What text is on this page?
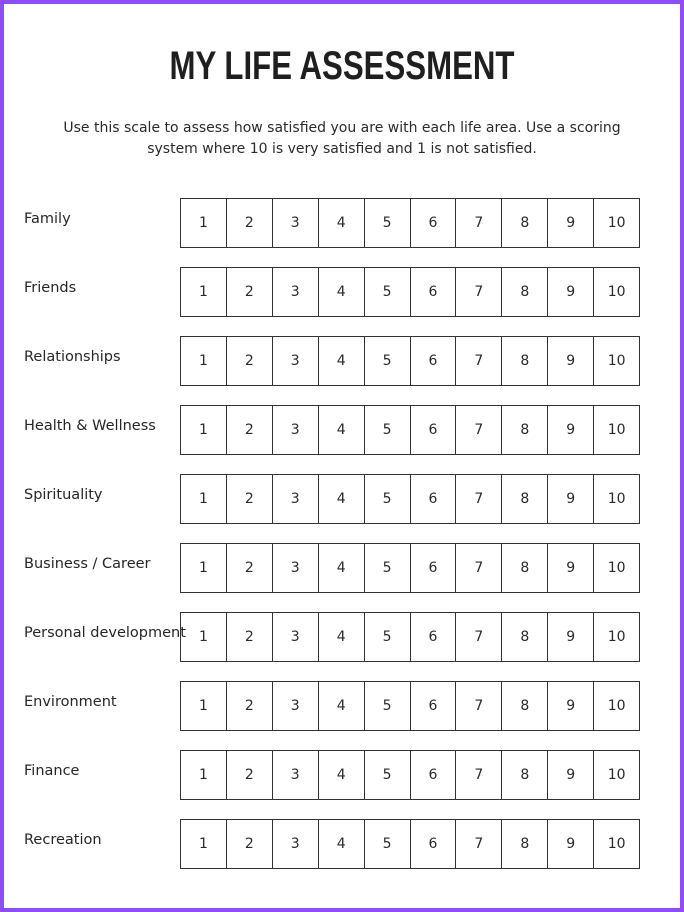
MY LIFE ASSESSMENT
Use this scale to assess how satisfied you are with each life area. Use a scoring system where 10 is very satisfied and 1 is not satisfied.
Family	1	2	3	4	5	6	7	8	9	10
Friends	1	2	3	4	5	6	7	8	9	10
Relationships	1	2	3	4	5	6	7	8	9	10
Health & Wellness	1	2	3	4	5	6	7	8	9	10
Spirituality	1	2	3	4	5	6	7	8	9	10
Business / Career	1	2	3	4	5	6	7	8	9	10
Personal development 1	2	3	4	5	6	7	8	9	10
Environment	1	2	3	4	5	6	7	8	9	10
Finance	1	2	3	4	5	6	7	8	9	10
Recreation	1	2	3	4	5	6	7	8	9	10
